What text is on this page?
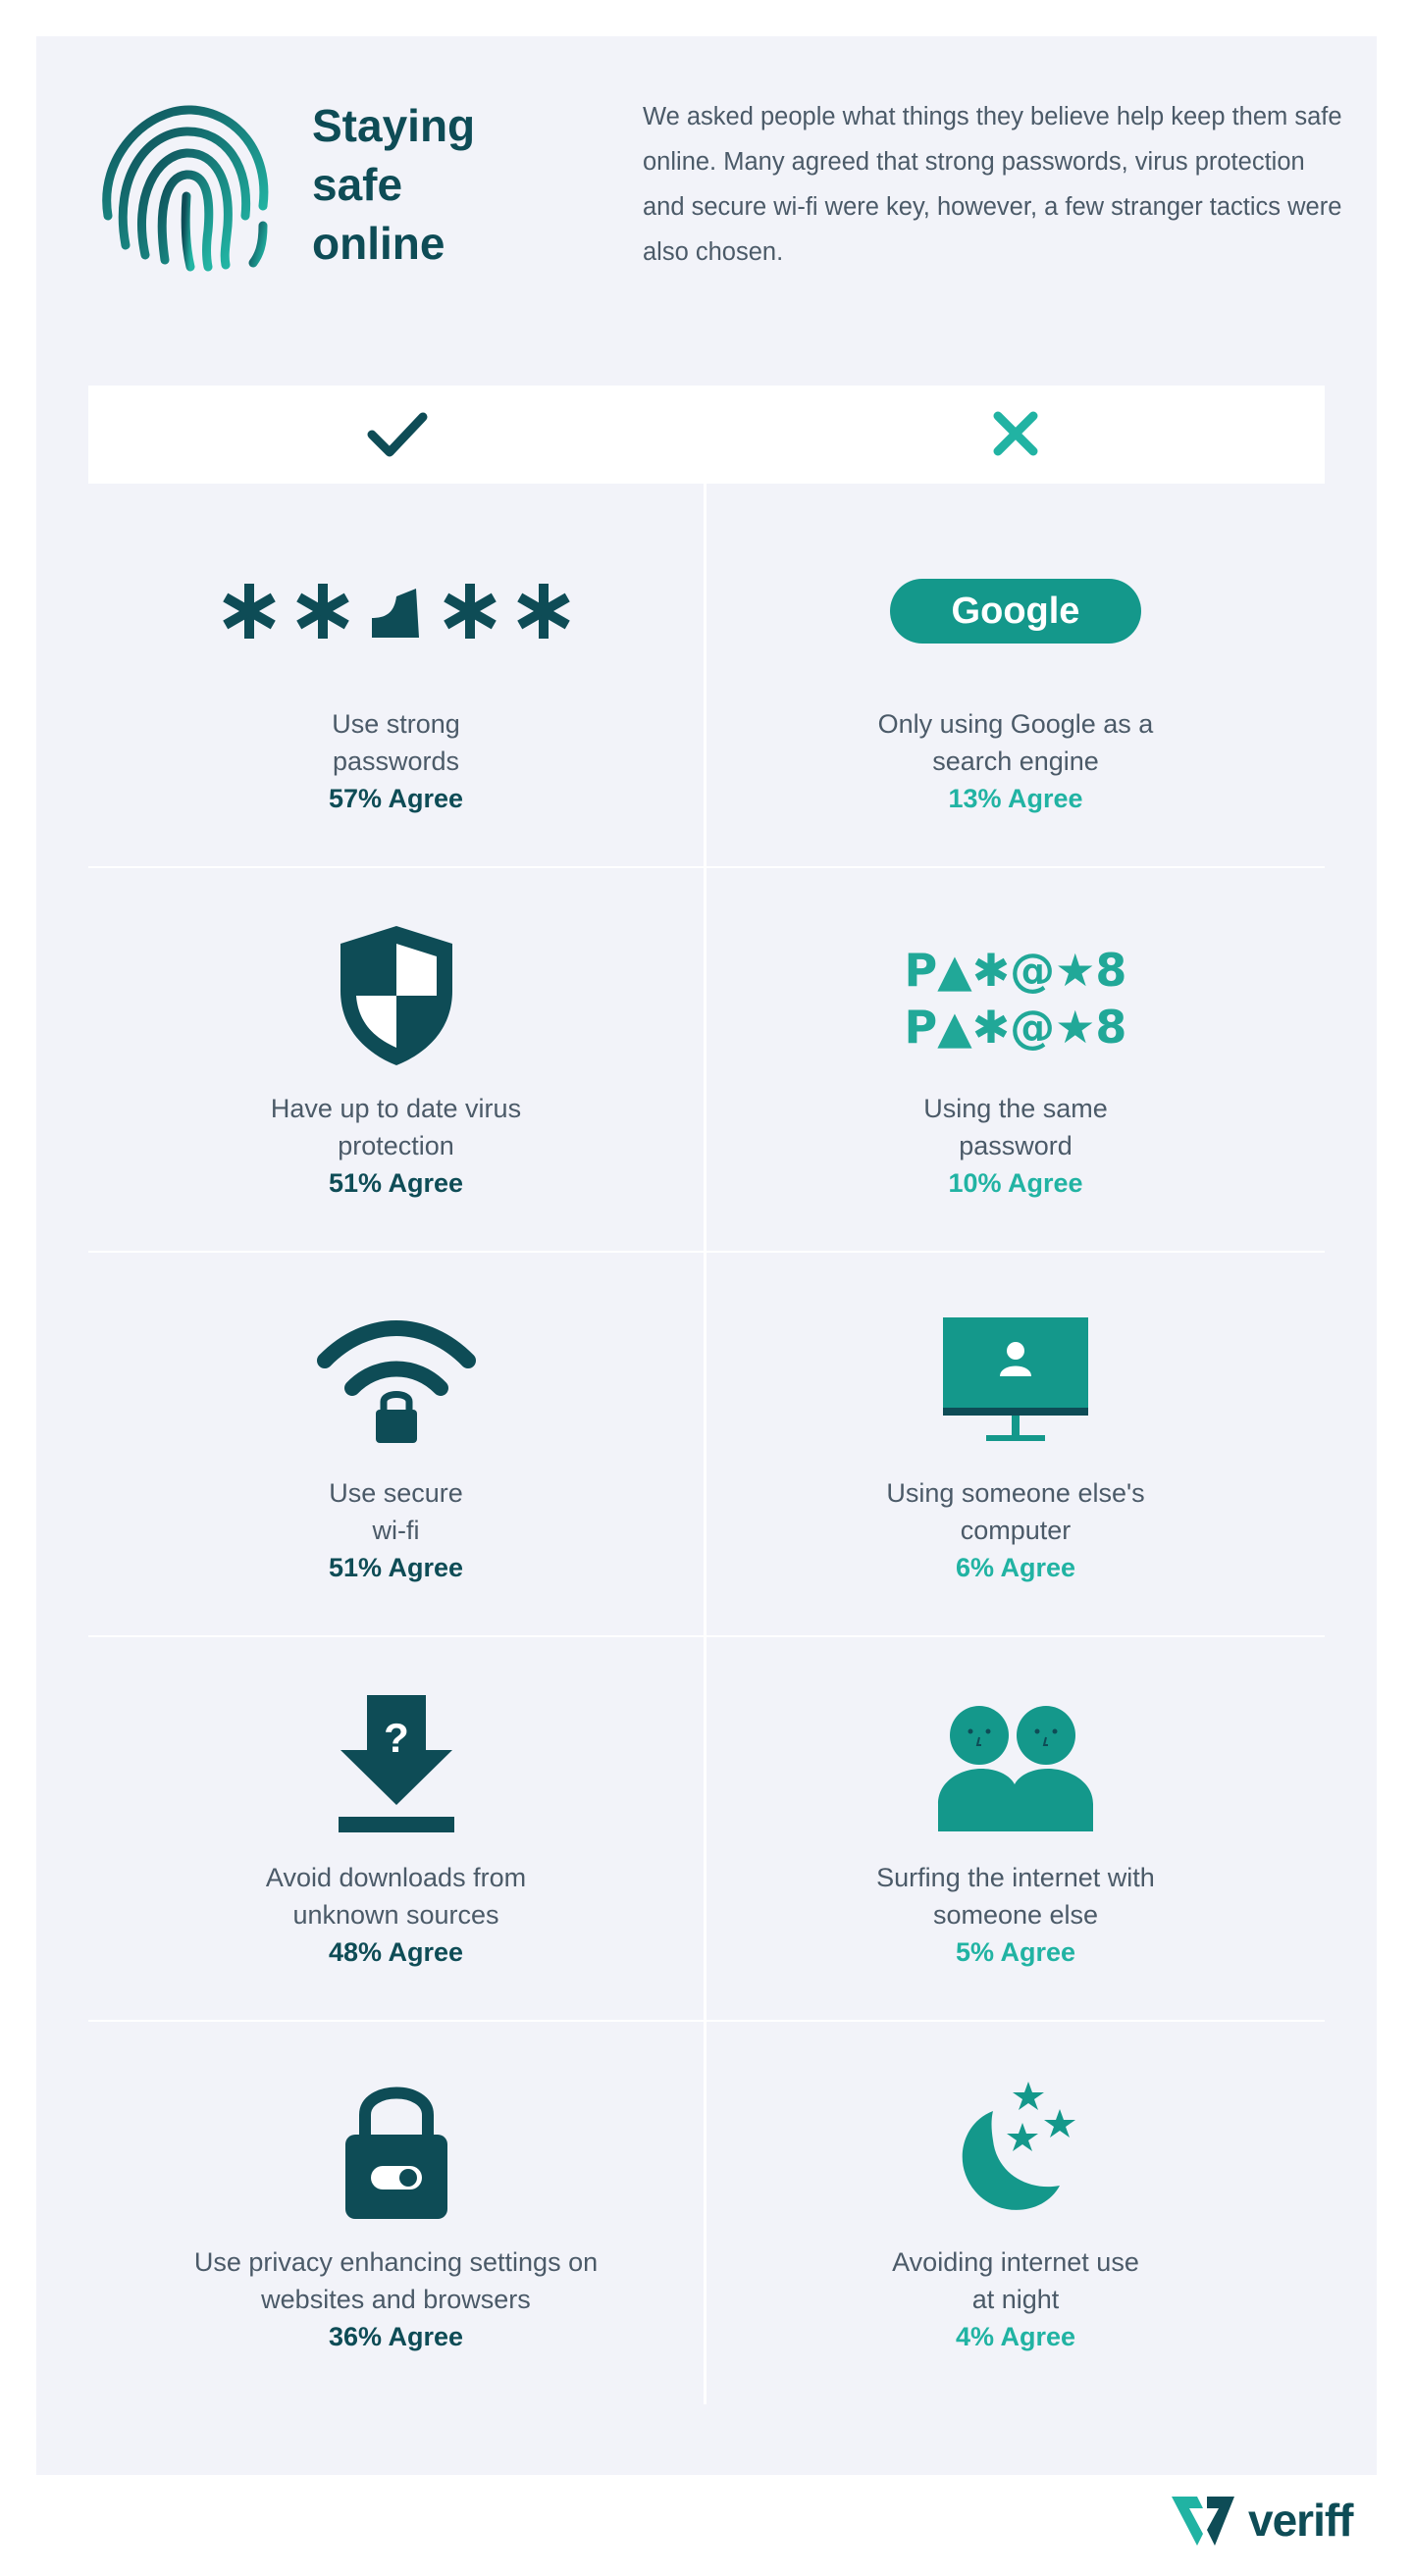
Staying
safe
online
We asked people what things they believe help keep them safe online. Many agreed that strong passwords, virus protection and secure wi-fi were key, however, a few stranger tactics were also chosen.

Use strong
passwords

57% Agree

Google

Only using Google as a
search engine

13% Agree

Have up to date virus
protection

51% Agree

P▲✱@★8
P▲✱@★8

Using the same
password

10% Agree

Use secure
wi-fi

51% Agree

Using someone else's
computer

6% Agree

?

Avoid downloads from
unknown sources

48% Agree

Surfing the internet with
someone else

5% Agree

Use privacy enhancing settings on
websites and browsers

36% Agree

Avoiding internet use
at night

4% Agree

veriff
